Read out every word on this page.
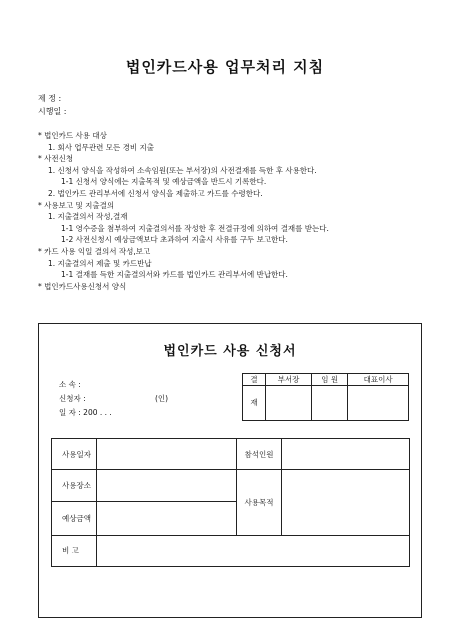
법인카드사용 업무처리 지침
제 정 :
시행일 :
* 법인카드 사용 대상
1. 회사 업무관련 모든 경비 지출
* 사전신청
1. 신청서 양식을 작성하여 소속임원(또는 부서장)의 사전결재를 득한 후 사용한다.
1-1 신청서 양식에는 지출목적 및 예상금액을 반드시 기록한다.
2. 법인카드 관리부서에 신청서 양식을 제출하고 카드를 수령한다.
* 사용보고 및 지출결의
1. 지출결의서 작성,결재
1-1 영수증을 첨부하여 지출결의서를 작성한 후 전결규정에 의하여 결재를 받는다.
1-2 사전신청시 예상금액보다 초과하여 지출시 사유를 구두 보고한다.
* 카드 사용 익일 결의서 작성,보고
1. 지출결의서 제출 및 카드반납
1-1 결재를 득한 지출결의서와 카드를 법인카드 관리부서에 반납한다.
* 법인카드사용신청서 양식
법인카드 사용 신청서
소 속 :
신청자 :	(인)
일 자 : 200 . . .
결	부서장	임 원	대표이사
재			
사용일자		참석인원	
사용장소		사용목적	
예상금액			
비 고			
